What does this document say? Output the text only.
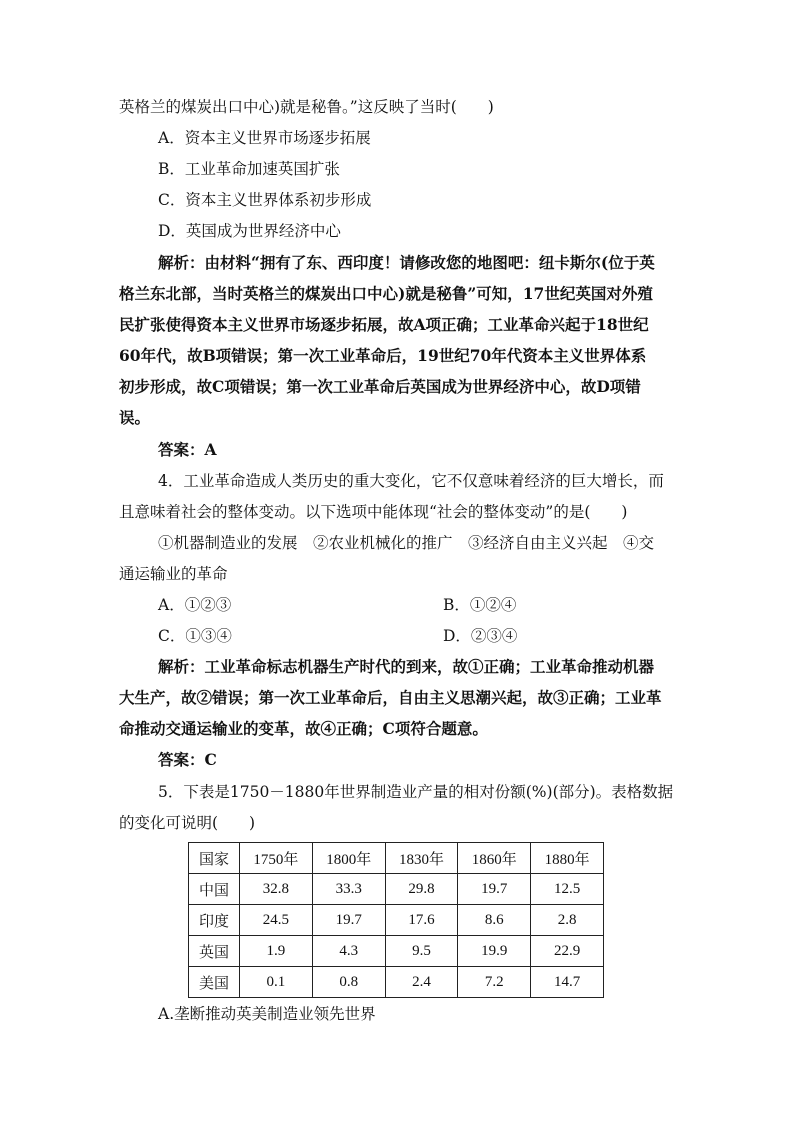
英格兰的煤炭出口中心)就是秘鲁。”这反映了当时(　　)
A．资本主义世界市场逐步拓展
B．工业革命加速英国扩张
C．资本主义世界体系初步形成
D．英国成为世界经济中心
解析：由材料“拥有了东、西印度！请修改您的地图吧：纽卡斯尔(位于英
格兰东北部，当时英格兰的煤炭出口中心)就是秘鲁”可知，17世纪英国对外殖
民扩张使得资本主义世界市场逐步拓展，故A项正确；工业革命兴起于18世纪
60年代，故B项错误；第一次工业革命后，19世纪70年代资本主义世界体系
初步形成，故C项错误；第一次工业革命后英国成为世界经济中心，故D项错
误。
答案：A
4．工业革命造成人类历史的重大变化，它不仅意味着经济的巨大增长，而
且意味着社会的整体变动。以下选项中能体现“社会的整体变动”的是(　　)
①机器制造业的发展　②农业机械化的推广　③经济自由主义兴起　④交
通运输业的革命
A．①②③	B．①②④
C．①③④	D．②③④
解析：工业革命标志机器生产时代的到来，故①正确；工业革命推动机器
大生产，故②错误；第一次工业革命后，自由主义思潮兴起，故③正确；工业革
命推动交通运输业的变革，故④正确；C项符合题意。
答案：C
5．下表是1750－1880年世界制造业产量的相对份额(%)(部分)。表格数据
的变化可说明(　　)
国家	1750年	1800年	1830年	1860年	1880年
中国	32.8	33.3	29.8	19.7	12.5
印度	24.5	19.7	17.6	8.6	2.8
英国	1.9	4.3	9.5	19.9	22.9
美国	0.1	0.8	2.4	7.2	14.7
A.垄断推动英美制造业领先世界
